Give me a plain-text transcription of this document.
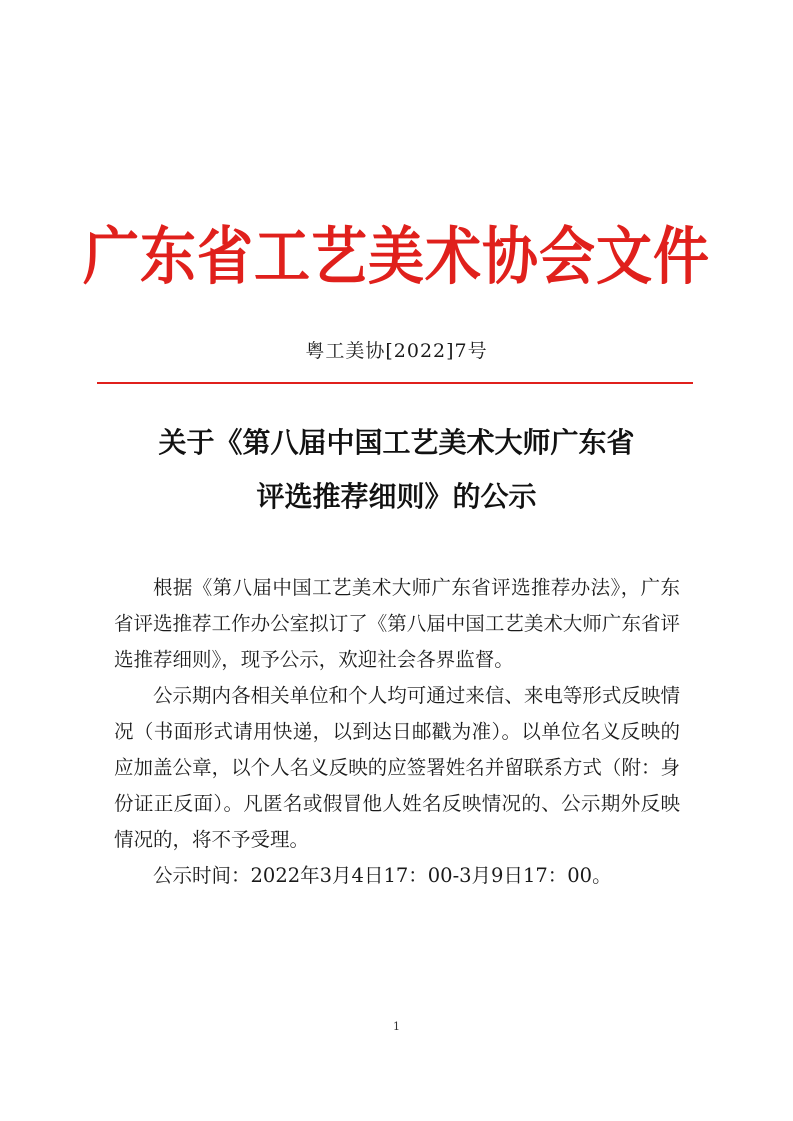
广东省工艺美术协会文件
粤工美协[2022]7号
关于《第八届中国工艺美术大师广东省
评选推荐细则》的公示

根据《第八届中国工艺美术大师广东省评选推荐办法》，广东省评选推荐工作办公室拟订了《第八届中国工艺美术大师广东省评选推荐细则》，现予公示，欢迎社会各界监督。

公示期内各相关单位和个人均可通过来信、来电等形式反映情况（书面形式请用快递，以到达日邮戳为准）。以单位名义反映的应加盖公章，以个人名义反映的应签署姓名并留联系方式（附：身份证正反面）。凡匿名或假冒他人姓名反映情况的、公示期外反映情况的，将不予受理。

公示时间：2022年3月4日17：00-3月9日17：00。

1
